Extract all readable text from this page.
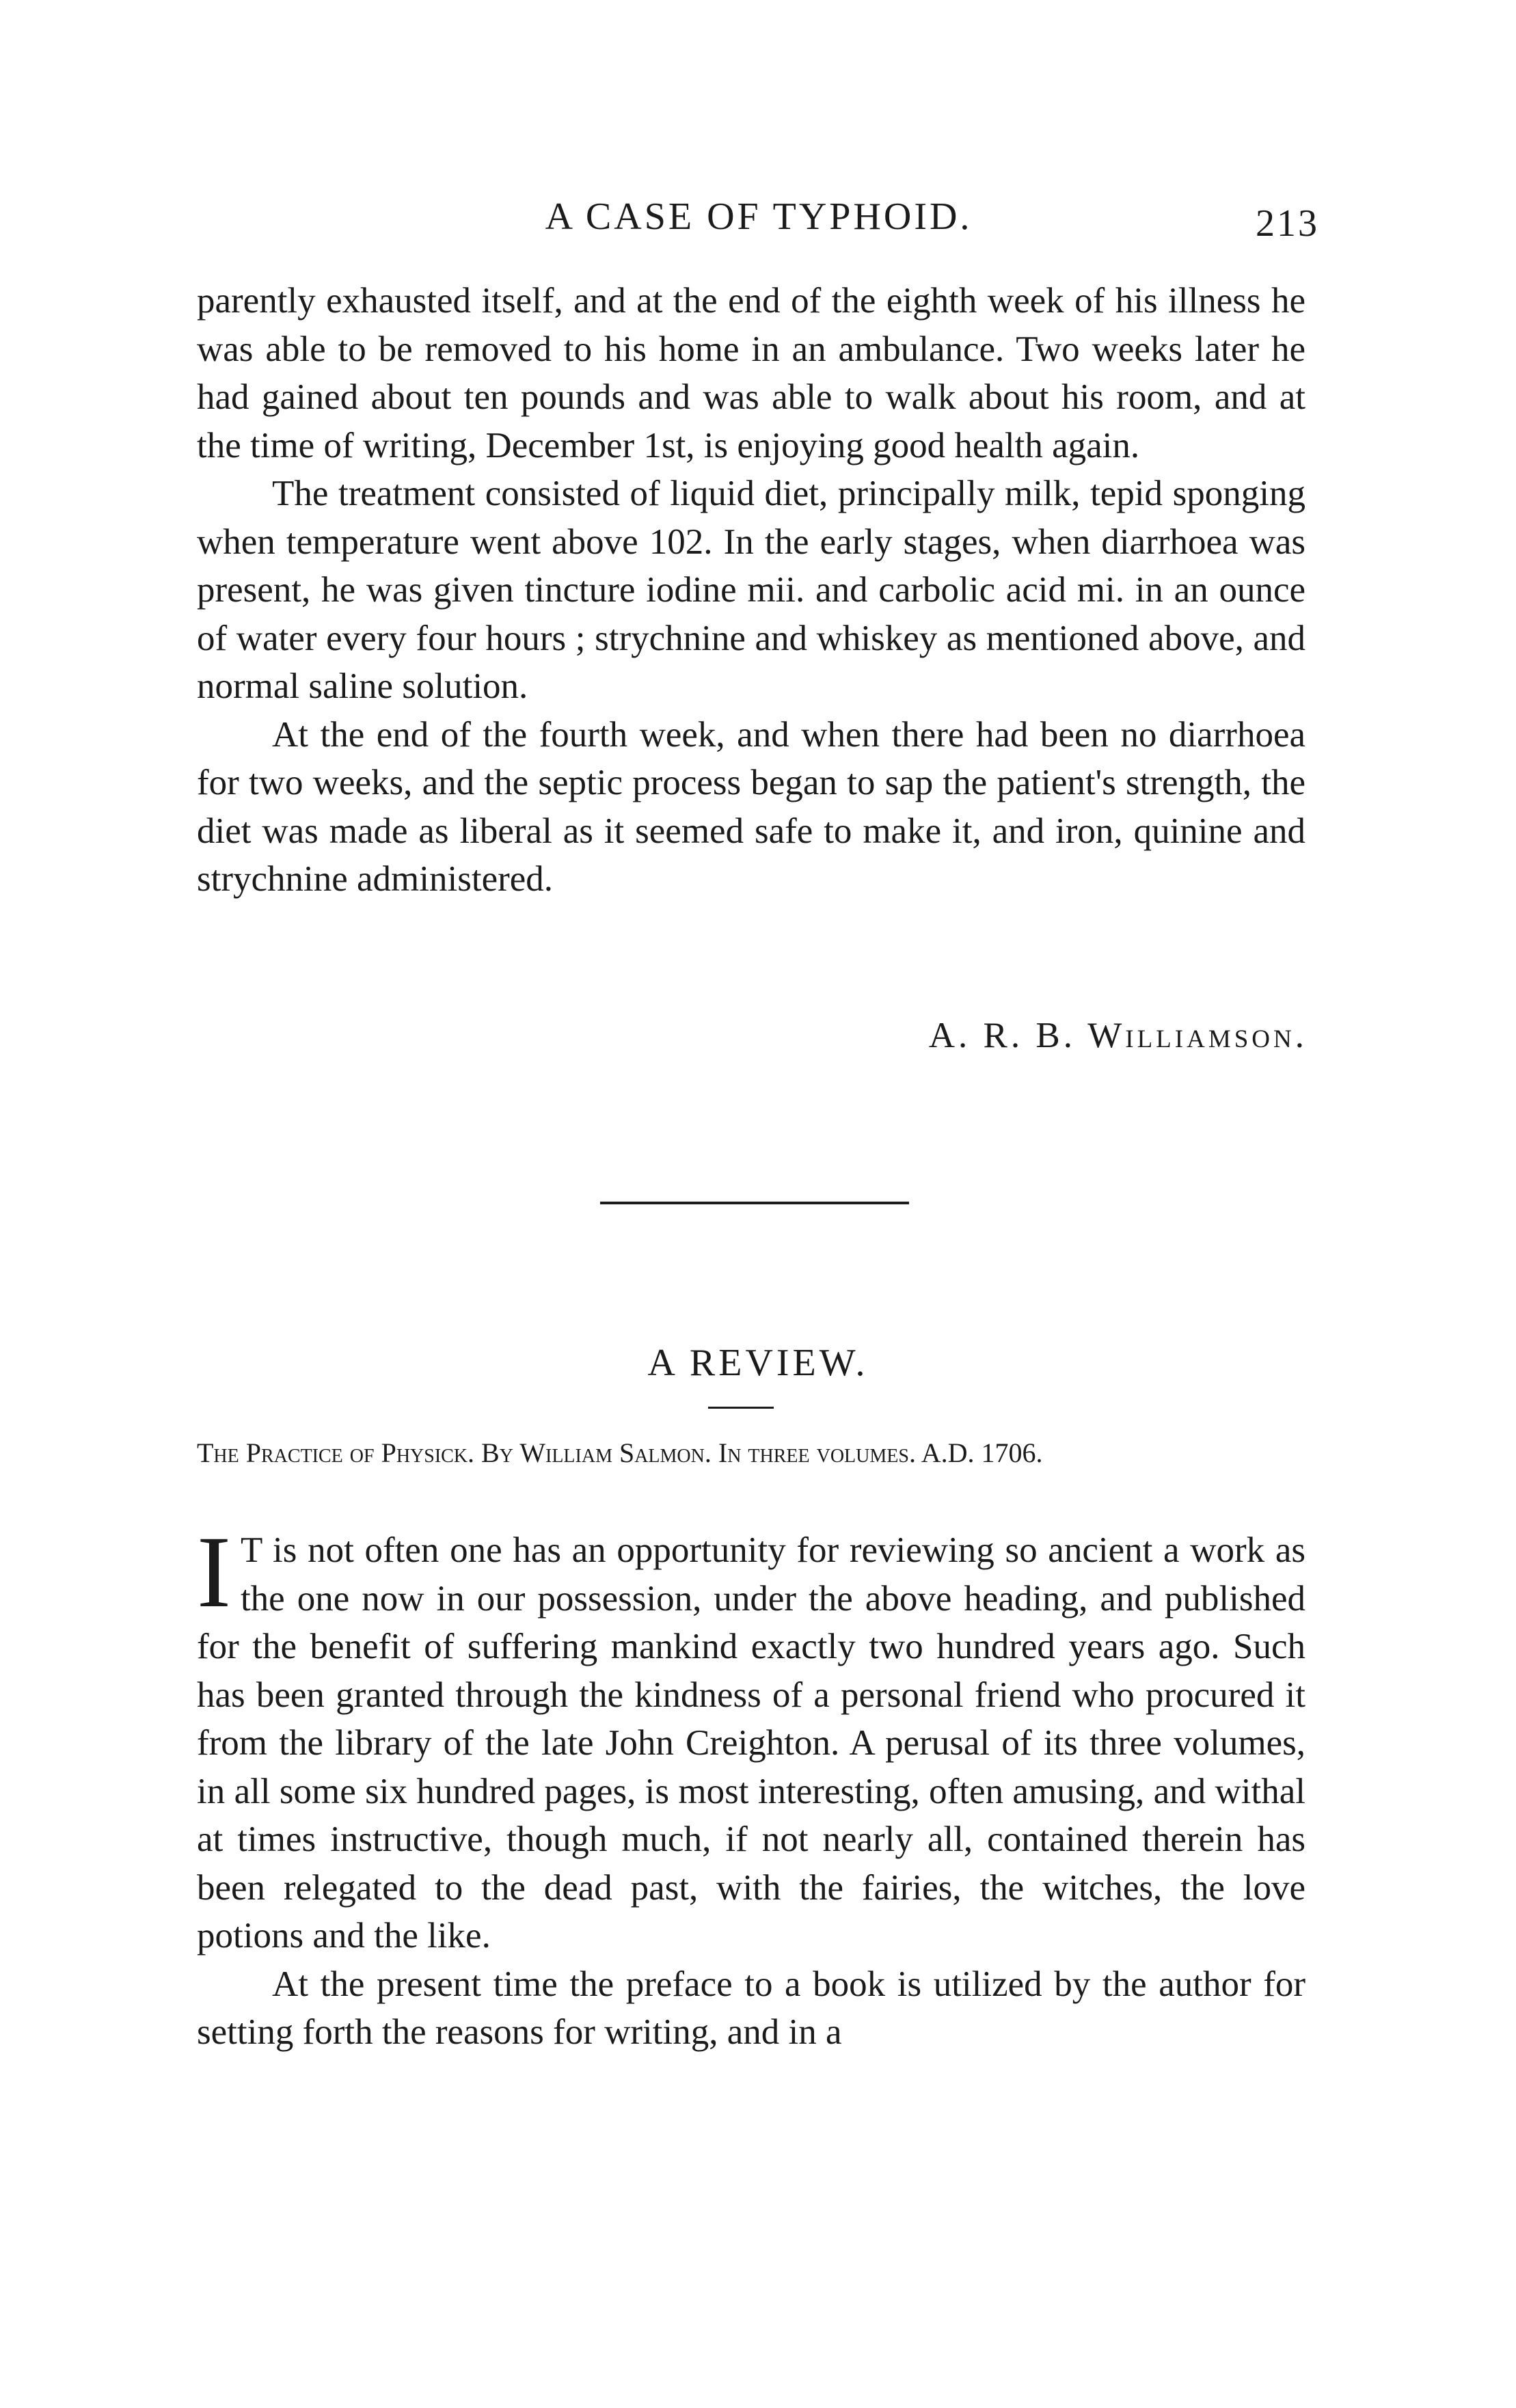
A CASE OF TYPHOID.	213

parently exhausted itself, and at the end of the eighth week of his illness he was able to be removed to his home in an ambulance. Two weeks later he had gained about ten pounds and was able to walk about his room, and at the time of writing, December 1st, is enjoying good health again.

The treatment consisted of liquid diet, principally milk, tepid sponging when temperature went above 102. In the early stages, when diarrhoea was present, he was given tincture iodine mii. and carbolic acid mi. in an ounce of water every four hours ; strychnine and whiskey as mentioned above, and normal saline solution.

At the end of the fourth week, and when there had been no diarrhoea for two weeks, and the septic process began to sap the patient's strength, the diet was made as liberal as it seemed safe to make it, and iron, quinine and strychnine administered.

A. R. B. Williamson.
A REVIEW.
The Practice of Physick. By William Salmon. In three volumes. A.D. 1706.

I T is not often one has an opportunity for reviewing so ancient a work as the one now in our possession, under the above heading, and published for the benefit of suffering mankind exactly two hundred years ago. Such has been granted through the kindness of a personal friend who procured it from the library of the late John Creighton. A perusal of its three volumes, in all some six hundred pages, is most interesting, often amusing, and withal at times instructive, though much, if not nearly all, contained therein has been relegated to the dead past, with the fairies, the witches, the love potions and the like.

At the present time the preface to a book is utilized by the author for setting forth the reasons for writing, and in a
